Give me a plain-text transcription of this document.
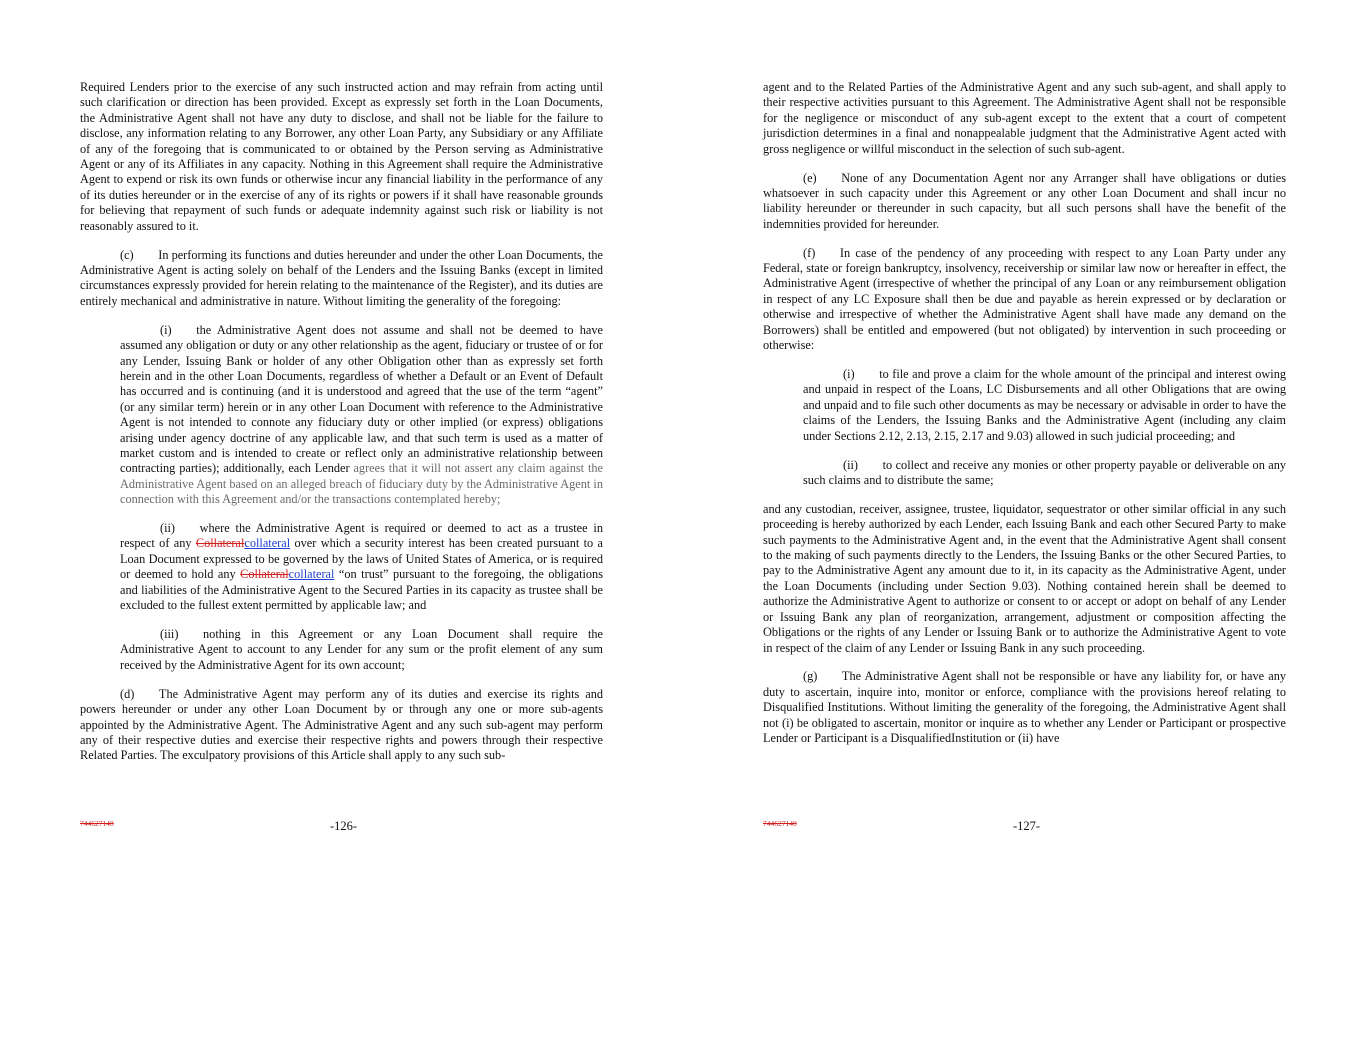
Required Lenders prior to the exercise of any such instructed action and may refrain from acting until such clarification or direction has been provided. Except as expressly set forth in the Loan Documents, the Administrative Agent shall not have any duty to disclose, and shall not be liable for the failure to disclose, any information relating to any Borrower, any other Loan Party, any Subsidiary or any Affiliate of any of the foregoing that is communicated to or obtained by the Person serving as Administrative Agent or any of its Affiliates in any capacity. Nothing in this Agreement shall require the Administrative Agent to expend or risk its own funds or otherwise incur any financial liability in the performance of any of its duties hereunder or in the exercise of any of its rights or powers if it shall have reasonable grounds for believing that repayment of such funds or adequate indemnity against such risk or liability is not reasonably assured to it.

(c)  In performing its functions and duties hereunder and under the other Loan Documents, the Administrative Agent is acting solely on behalf of the Lenders and the Issuing Banks (except in limited circumstances expressly provided for herein relating to the maintenance of the Register), and its duties are entirely mechanical and administrative in nature. Without limiting the generality of the foregoing:

(i)  the Administrative Agent does not assume and shall not be deemed to have assumed any obligation or duty or any other relationship as the agent, fiduciary or trustee of or for any Lender, Issuing Bank or holder of any other Obligation other than as expressly set forth herein and in the other Loan Documents, regardless of whether a Default or an Event of Default has occurred and is continuing (and it is understood and agreed that the use of the term “agent” (or any similar term) herein or in any other Loan Document with reference to the Administrative Agent is not intended to connote any fiduciary duty or other implied (or express) obligations arising under agency doctrine of any applicable law, and that such term is used as a matter of market custom and is intended to create or reflect only an administrative relationship between contracting parties); additionally, each Lender agrees that it will not assert any claim against the Administrative Agent based on an alleged breach of fiduciary duty by the Administrative Agent in connection with this Agreement and/or the transactions contemplated hereby;

(ii)  where the Administrative Agent is required or deemed to act as a trustee in respect of any Collateralcollateral over which a security interest has been created pursuant to a Loan Document expressed to be governed by the laws of United States of America, or is required or deemed to hold any Collateralcollateral “on trust” pursuant to the foregoing, the obligations and liabilities of the Administrative Agent to the Secured Parties in its capacity as trustee shall be excluded to the fullest extent permitted by applicable law; and

(iii)  nothing in this Agreement or any Loan Document shall require the Administrative Agent to account to any Lender for any sum or the profit element of any sum received by the Administrative Agent for its own account;

(d)  The Administrative Agent may perform any of its duties and exercise its rights and powers hereunder or under any other Loan Document by or through any one or more sub-agents appointed by the Administrative Agent. The Administrative Agent and any such sub-agent may perform any of their respective duties and exercise their respective rights and powers through their respective Related Parties. The exculpatory provisions of this Article shall apply to any such sub-

744627140	-126-

agent and to the Related Parties of the Administrative Agent and any such sub-agent, and shall apply to their respective activities pursuant to this Agreement. The Administrative Agent shall not be responsible for the negligence or misconduct of any sub-agent except to the extent that a court of competent jurisdiction determines in a final and nonappealable judgment that the Administrative Agent acted with gross negligence or willful misconduct in the selection of such sub-agent.

(e)  None of any Documentation Agent nor any Arranger shall have obligations or duties whatsoever in such capacity under this Agreement or any other Loan Document and shall incur no liability hereunder or thereunder in such capacity, but all such persons shall have the benefit of the indemnities provided for hereunder.

(f)  In case of the pendency of any proceeding with respect to any Loan Party under any Federal, state or foreign bankruptcy, insolvency, receivership or similar law now or hereafter in effect, the Administrative Agent (irrespective of whether the principal of any Loan or any reimbursement obligation in respect of any LC Exposure shall then be due and payable as herein expressed or by declaration or otherwise and irrespective of whether the Administrative Agent shall have made any demand on the Borrowers) shall be entitled and empowered (but not obligated) by intervention in such proceeding or otherwise:

(i)  to file and prove a claim for the whole amount of the principal and interest owing and unpaid in respect of the Loans, LC Disbursements and all other Obligations that are owing and unpaid and to file such other documents as may be necessary or advisable in order to have the claims of the Lenders, the Issuing Banks and the Administrative Agent (including any claim under Sections 2.12, 2.13, 2.15, 2.17 and 9.03) allowed in such judicial proceeding; and

(ii)  to collect and receive any monies or other property payable or deliverable on any such claims and to distribute the same;

and any custodian, receiver, assignee, trustee, liquidator, sequestrator or other similar official in any such proceeding is hereby authorized by each Lender, each Issuing Bank and each other Secured Party to make such payments to the Administrative Agent and, in the event that the Administrative Agent shall consent to the making of such payments directly to the Lenders, the Issuing Banks or the other Secured Parties, to pay to the Administrative Agent any amount due to it, in its capacity as the Administrative Agent, under the Loan Documents (including under Section 9.03). Nothing contained herein shall be deemed to authorize the Administrative Agent to authorize or consent to or accept or adopt on behalf of any Lender or Issuing Bank any plan of reorganization, arrangement, adjustment or composition affecting the Obligations or the rights of any Lender or Issuing Bank or to authorize the Administrative Agent to vote in respect of the claim of any Lender or Issuing Bank in any such proceeding.

(g)  The Administrative Agent shall not be responsible or have any liability for, or have any duty to ascertain, inquire into, monitor or enforce, compliance with the provisions hereof relating to Disqualified Institutions. Without limiting the generality of the foregoing, the Administrative Agent shall not (i) be obligated to ascertain, monitor or inquire as to whether any Lender or Participant or prospective Lender or Participant is a DisqualifiedInstitution or (ii) have

744627140	-127-
